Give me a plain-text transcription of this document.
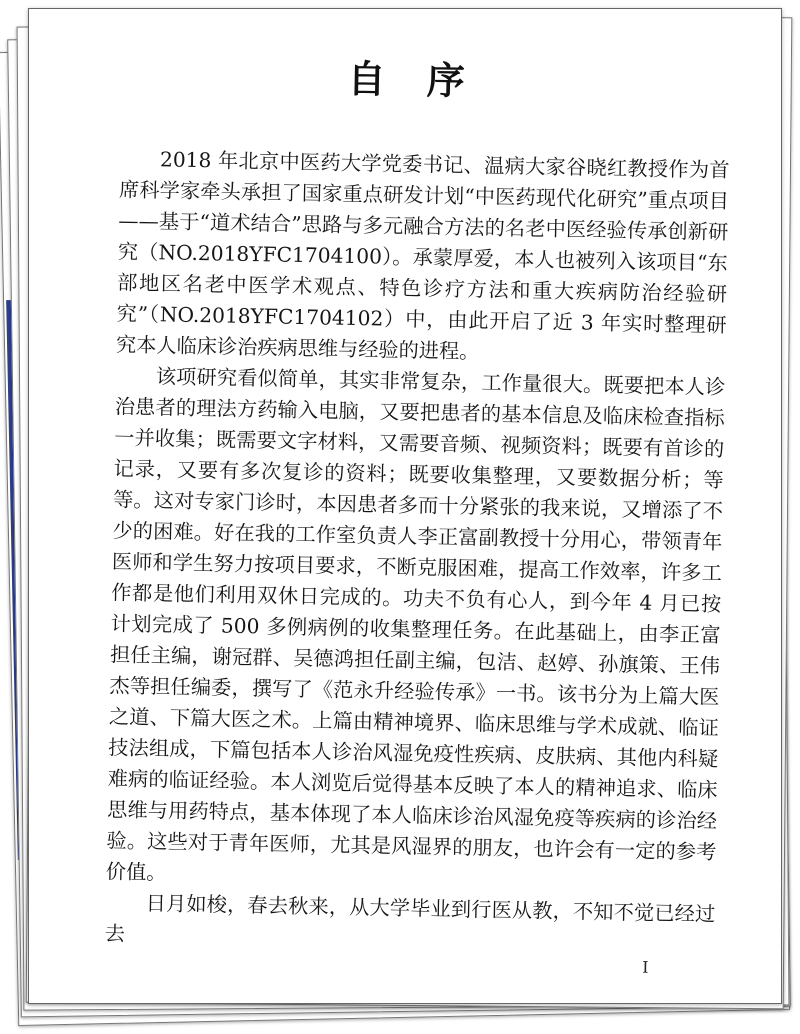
自 序

2018 年北京中医药大学党委书记、温病大家谷晓红教授作为首席科学家牵头承担了国家重点研发计划“中医药现代化研究”重点项目——基于“道术结合”思路与多元融合方法的名老中医经验传承创新研究（NO.2018YFC1704100）。承蒙厚爱，本人也被列入该项目“东部地区名老中医学术观点、特色诊疗方法和重大疾病防治经验研究”（NO.2018YFC1704102）中，由此开启了近 3 年实时整理研究本人临床诊治疾病思维与经验的进程。

该项研究看似简单，其实非常复杂，工作量很大。既要把本人诊治患者的理法方药输入电脑，又要把患者的基本信息及临床检查指标一并收集；既需要文字材料，又需要音频、视频资料；既要有首诊的记录，又要有多次复诊的资料；既要收集整理，又要数据分析；等等。这对专家门诊时，本因患者多而十分紧张的我来说，又增添了不少的困难。好在我的工作室负责人李正富副教授十分用心，带领青年医师和学生努力按项目要求，不断克服困难，提高工作效率，许多工作都是他们利用双休日完成的。功夫不负有心人，到今年 4 月已按计划完成了 500 多例病例的收集整理任务。在此基础上，由李正富担任主编，谢冠群、吴德鸿担任副主编，包洁、赵婷、孙旗策、王伟杰等担任编委，撰写了《范永升经验传承》一书。该书分为上篇大医之道、下篇大医之术。上篇由精神境界、临床思维与学术成就、临证技法组成，下篇包括本人诊治风湿免疫性疾病、皮肤病、其他内科疑难病的临证经验。本人浏览后觉得基本反映了本人的精神追求、临床思维与用药特点，基本体现了本人临床诊治风湿免疫等疾病的诊治经验。这些对于青年医师，尤其是风湿界的朋友，也许会有一定的参考价值。

日月如梭，春去秋来，从大学毕业到行医从教，不知不觉已经过去

I
